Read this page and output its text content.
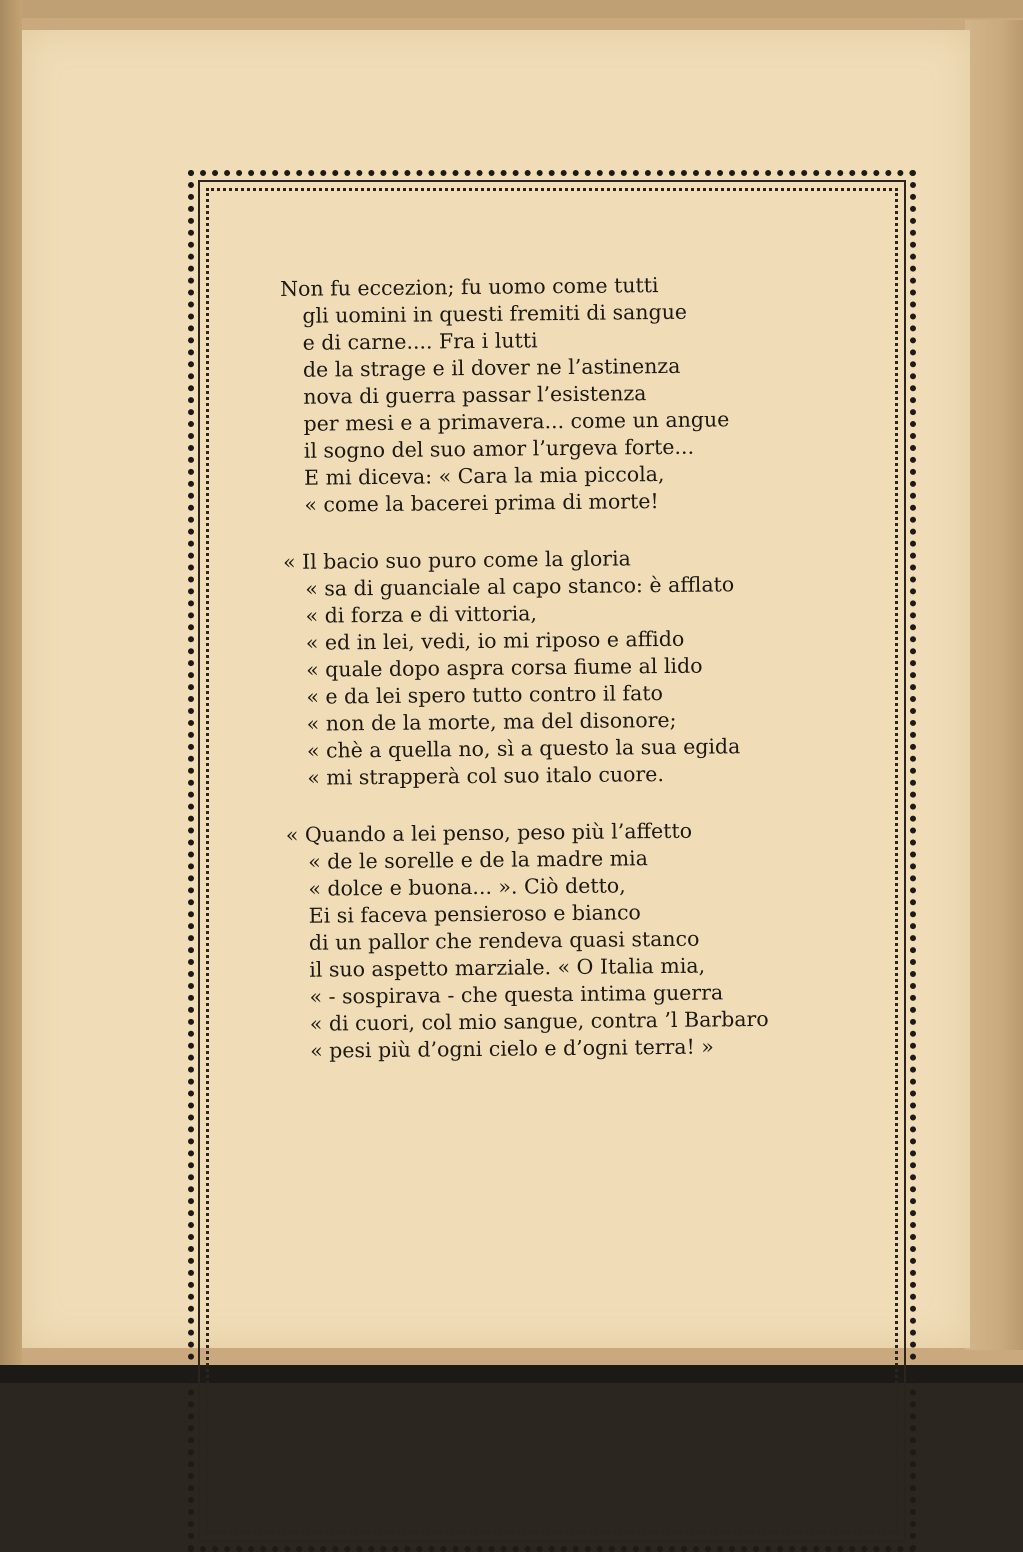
Non fu eccezion; fu uomo come tutti
gli uomini in questi fremiti di sangue
e di carne.... Fra i lutti
de la strage e il dover ne l’astinenza
nova di guerra passar l’esistenza
per mesi e a primavera... come un angue
il sogno del suo amor l’urgeva forte...
E mi diceva: « Cara la mia piccola,
« come la bacerei prima di morte!
« Il bacio suo puro come la gloria
« sa di guanciale al capo stanco: è afflato
« di forza e di vittoria,
« ed in lei, vedi, io mi riposo e affido
« quale dopo aspra corsa fiume al lido
« e da lei spero tutto contro il fato
« non de la morte, ma del disonore;
« chè a quella no, sì a questo la sua egida
« mi strapperà col suo italo cuore.
« Quando a lei penso, peso più l’affetto
« de le sorelle e de la madre mia
« dolce e buona... ». Ciò detto,
Ei si faceva pensieroso e bianco
di un pallor che rendeva quasi stanco
il suo aspetto marziale. « O Italia mia,
« - sospirava - che questa intima guerra
« di cuori, col mio sangue, contra ’l Barbaro
« pesi più d’ogni cielo e d’ogni terra! »
